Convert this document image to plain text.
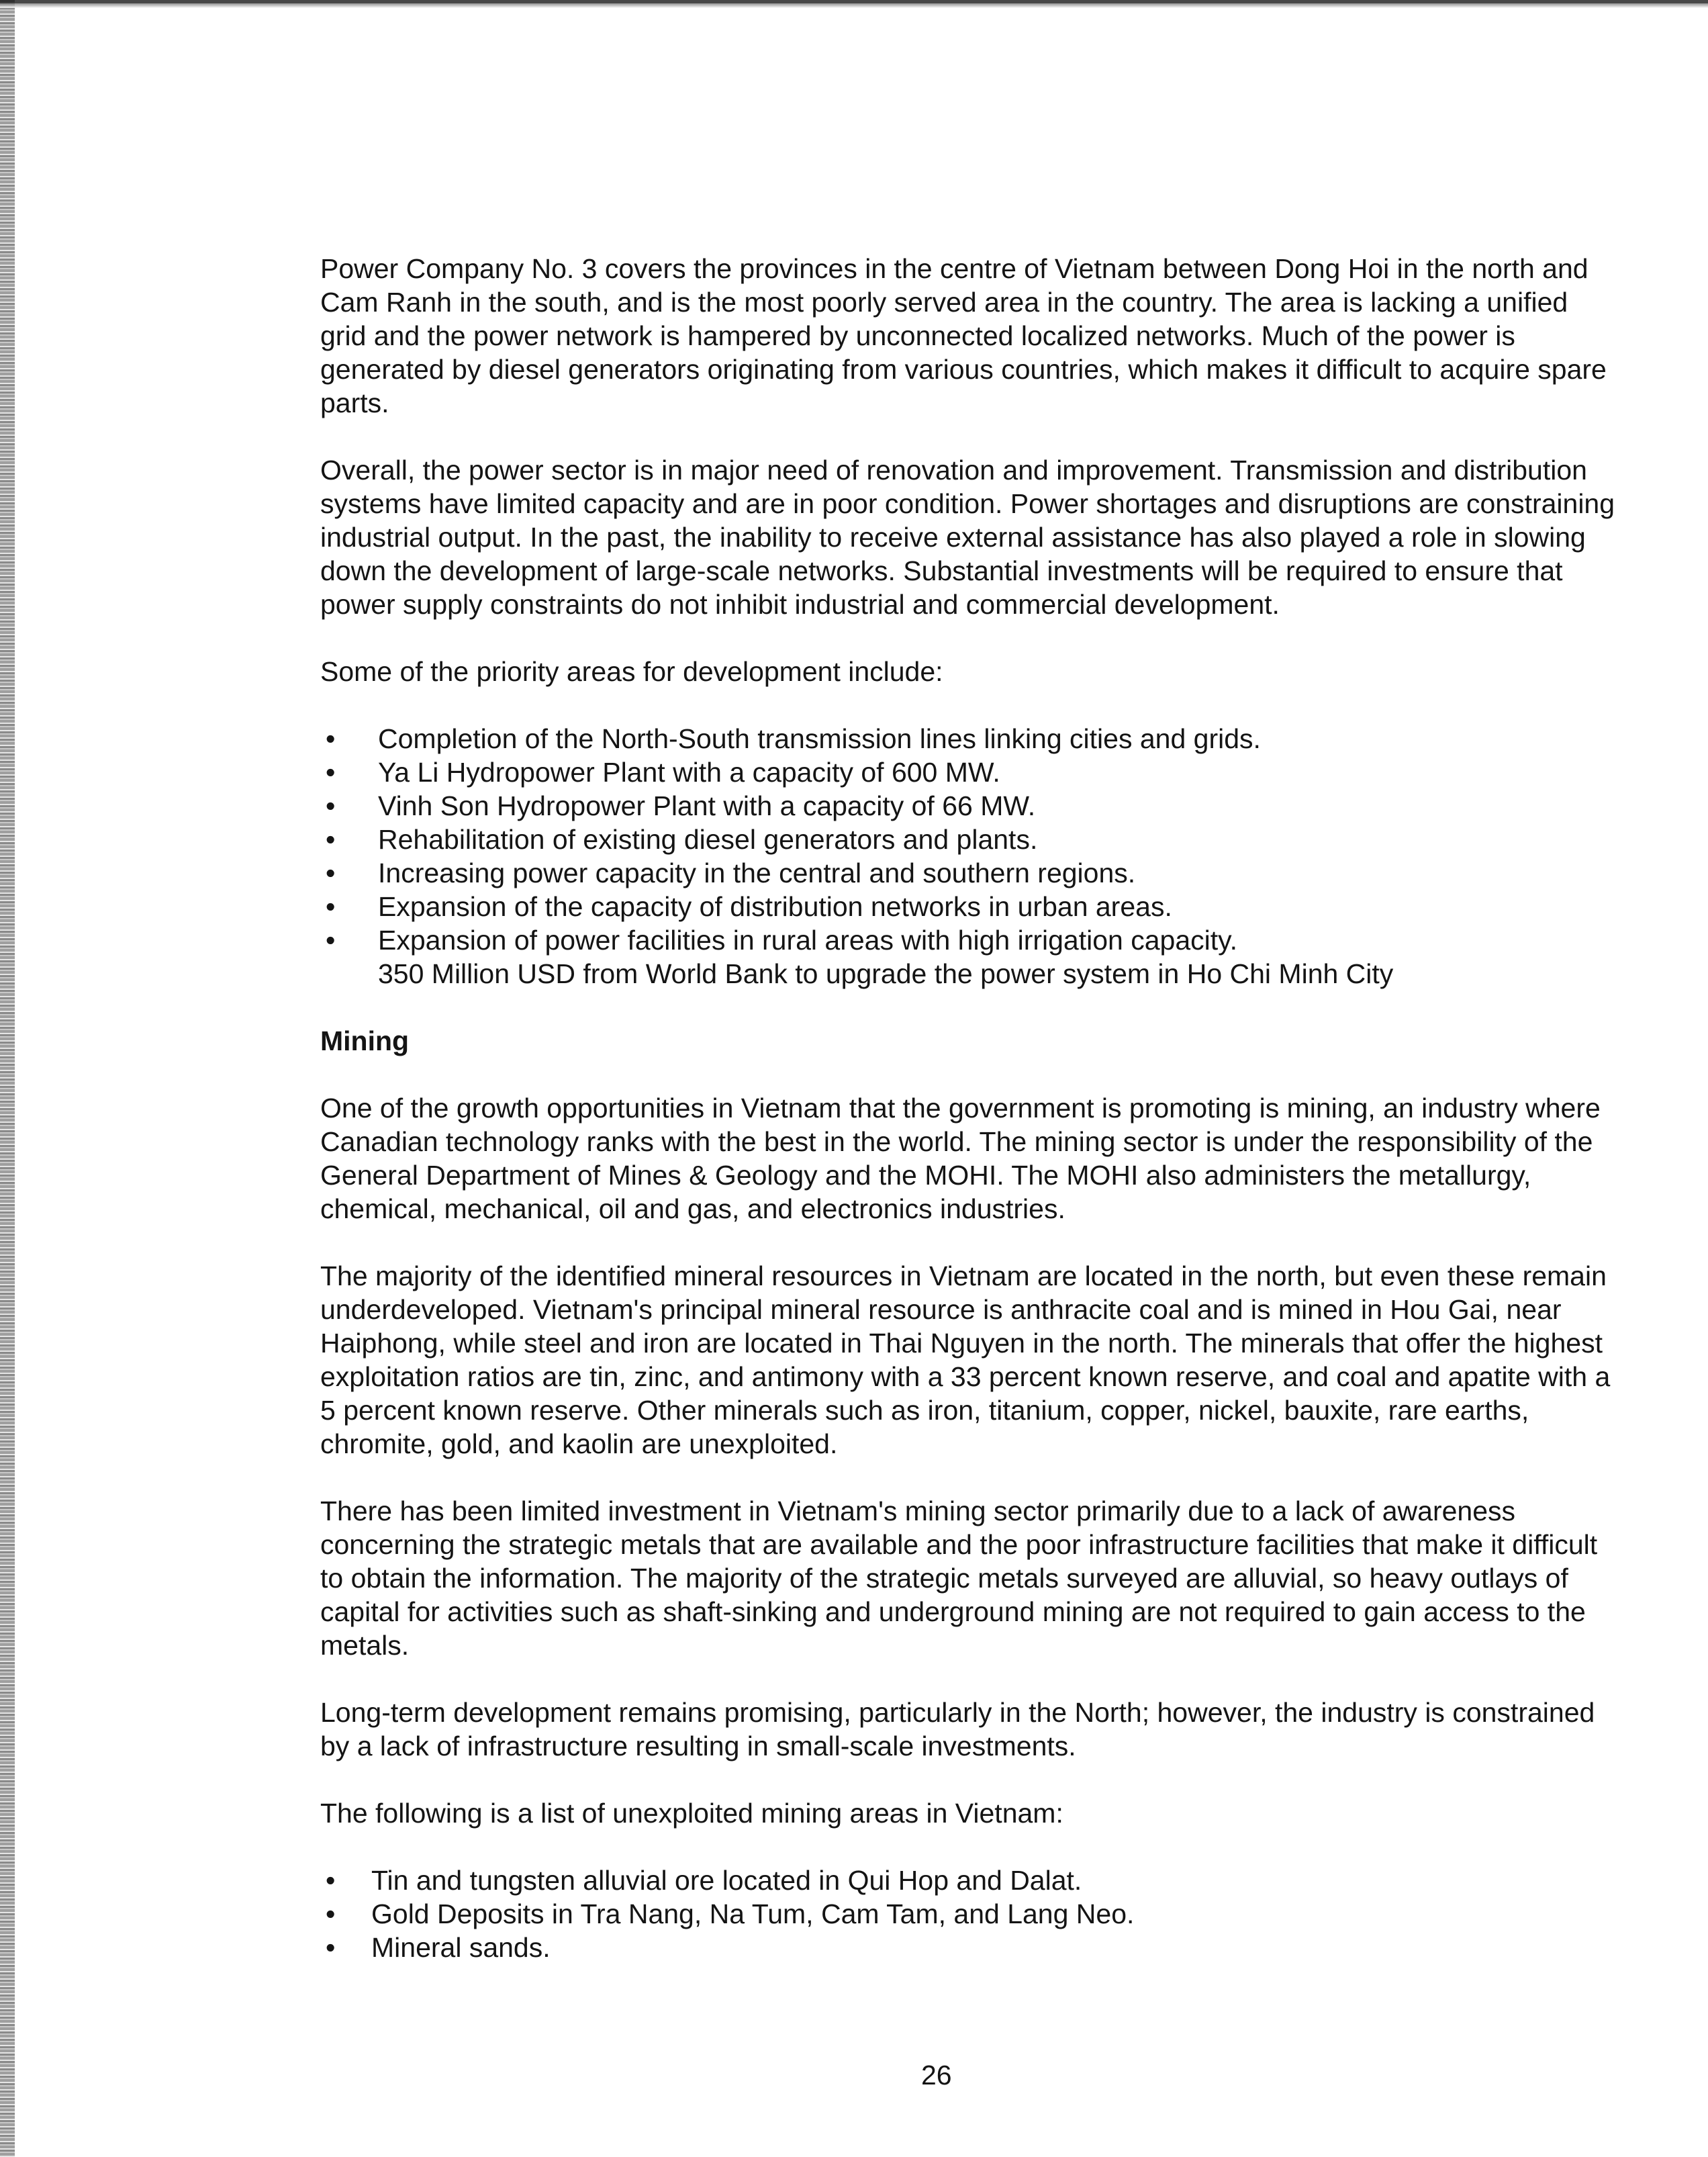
Power Company No. 3 covers the provinces in the centre of Vietnam between Dong Hoi in the north and Cam Ranh in the south, and is the most poorly served area in the country. The area is lacking a unified grid and the power network is hampered by unconnected localized networks. Much of the power is generated by diesel generators originating from various countries, which makes it difficult to acquire spare parts.

Overall, the power sector is in major need of renovation and improvement. Transmission and distribution systems have limited capacity and are in poor condition. Power shortages and disruptions are constraining industrial output. In the past, the inability to receive external assistance has also played a role in slowing down the development of large-scale networks. Substantial investments will be required to ensure that power supply constraints do not inhibit industrial and commercial development.

Some of the priority areas for development include:

•	Completion of the North-South transmission lines linking cities and grids.
•	Ya Li Hydropower Plant with a capacity of 600 MW.
•	Vinh Son Hydropower Plant with a capacity of 66 MW.
•	Rehabilitation of existing diesel generators and plants.
•	Increasing power capacity in the central and southern regions.
•	Expansion of the capacity of distribution networks in urban areas.
•	Expansion of power facilities in rural areas with high irrigation capacity.
350 Million USD from World Bank to upgrade the power system in Ho Chi Minh City
Mining

One of the growth opportunities in Vietnam that the government is promoting is mining, an industry where Canadian technology ranks with the best in the world. The mining sector is under the responsibility of the General Department of Mines & Geology and the MOHI. The MOHI also administers the metallurgy, chemical, mechanical, oil and gas, and electronics industries.

The majority of the identified mineral resources in Vietnam are located in the north, but even these remain underdeveloped. Vietnam's principal mineral resource is anthracite coal and is mined in Hou Gai, near Haiphong, while steel and iron are located in Thai Nguyen in the north. The minerals that offer the highest exploitation ratios are tin, zinc, and antimony with a 33 percent known reserve, and coal and apatite with a 5 percent known reserve. Other minerals such as iron, titanium, copper, nickel, bauxite, rare earths, chromite, gold, and kaolin are unexploited.

There has been limited investment in Vietnam's mining sector primarily due to a lack of awareness concerning the strategic metals that are available and the poor infrastructure facilities that make it difficult to obtain the information. The majority of the strategic metals surveyed are alluvial, so heavy outlays of capital for activities such as shaft-sinking and underground mining are not required to gain access to the metals.

Long-term development remains promising, particularly in the North; however, the industry is constrained by a lack of infrastructure resulting in small-scale investments.

The following is a list of unexploited mining areas in Vietnam:

•	Tin and tungsten alluvial ore located in Qui Hop and Dalat.
•	Gold Deposits in Tra Nang, Na Tum, Cam Tam, and Lang Neo.
•	Mineral sands.
26
